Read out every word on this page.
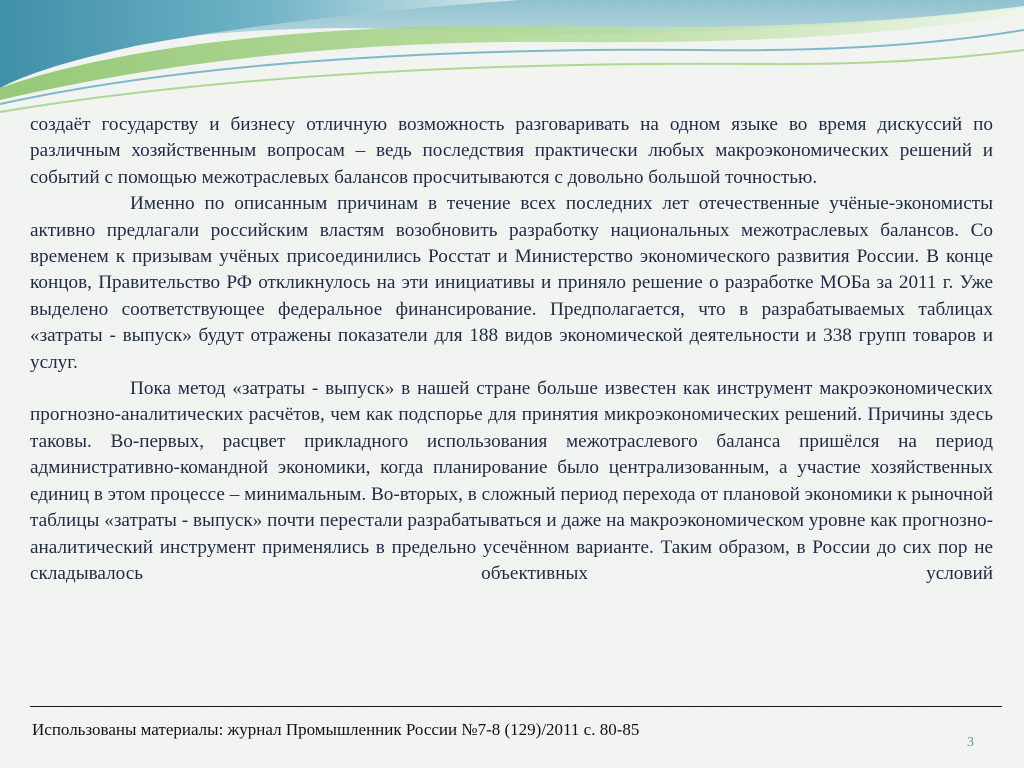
создаёт государству и бизнесу отличную возможность разговаривать на одном языке во время дискуссий по различным хозяйственным вопросам – ведь последствия практически любых макроэкономических решений и событий с помощью межотраслевых балансов просчитываются с довольно большой точностью.

Именно по описанным причинам в течение всех последних лет отечественные учёные-экономисты активно предлагали российским властям возобновить разработку национальных межотраслевых балансов. Со временем к призывам учёных присоединились Росстат и Министерство экономического развития России. В конце концов, Правительство РФ откликнулось на эти инициативы и приняло решение о разработке МОБа за 2011 г. Уже выделено соответствующее федеральное финансирование. Предполагается, что в разрабатываемых таблицах «затраты - выпуск» будут отражены показатели для 188 видов экономической деятельности и 338 групп товаров и услуг.

Пока метод «затраты - выпуск» в нашей стране больше известен как инструмент макроэкономических прогнозно-аналитических расчётов, чем как подспорье для принятия микроэкономических решений. Причины здесь таковы. Во-первых, расцвет прикладного использования межотраслевого баланса пришёлся на период административно-командной экономики, когда планирование было централизованным, а участие хозяйственных единиц в этом процессе – минимальным. Во-вторых, в сложный период перехода от плановой экономики к рыночной таблицы «затраты - выпуск» почти перестали разрабатываться и даже на макроэкономическом уровне как прогнозно-аналитический инструмент применялись в предельно усечённом варианте. Таким образом, в России до сих пор не складывалось объективных условий

Использованы материалы: журнал Промышленник России №7-8 (129)/2011 с. 80-85
3
